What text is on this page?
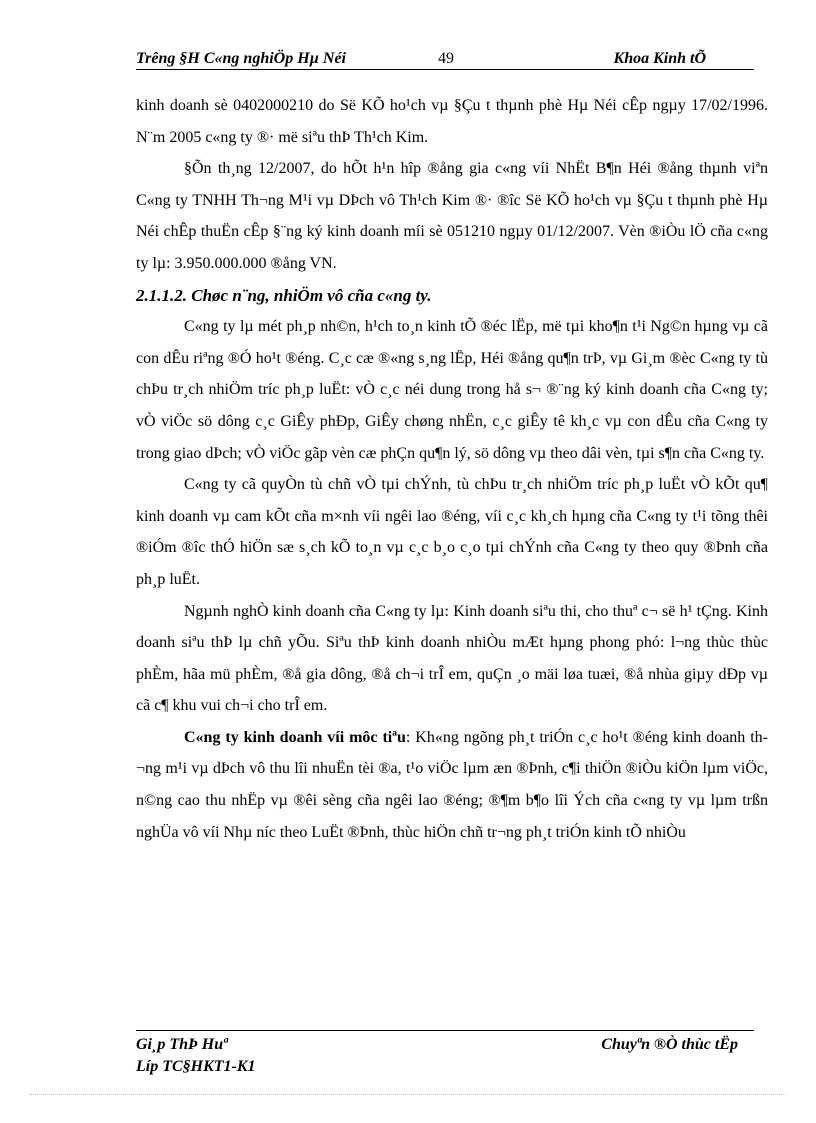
Trêng §H C«ng nghiÖp Hµ Néi	49	Khoa Kinh tÕ

kinh doanh sè 0402000210 do Së KÕ ho¹ch vµ §Çu t thµnh phè Hµ Néi cÊp ngµy 17/02/1996. N¨m 2005 c«ng ty ®· më siªu thÞ Th¹ch Kim.

§Õn th¸ng 12/2007, do hÕt h¹n hîp ®ång gia c«ng víi NhËt B¶n Héi ®ång thµnh viªn C«ng ty TNHH Th¬ng M¹i vµ DÞch vô Th¹ch Kim ®· ®îc Së KÕ ho¹ch vµ §Çu t thµnh phè Hµ Néi chÊp thuËn cÊp §¨ng ký kinh doanh míi sè 051210 ngµy 01/12/2007. Vèn ®iÒu lÖ cña c«ng ty lµ: 3.950.000.000 ®ång VN.

2.1.1.2. Chøc n¨ng, nhiÖm vô cña c«ng ty.

C«ng ty lµ mét ph¸p nh©n, h¹ch to¸n kinh tÕ ®éc lËp, më tµi kho¶n t¹i Ng©n hµng vµ cã con dÊu riªng ®Ó ho¹t ®éng. C¸c cæ ®«ng s¸ng lËp, Héi ®ång qu¶n trÞ, vµ Gi¸m ®èc C«ng ty tù chÞu tr¸ch nhiÖm tríc ph¸p luËt: vÒ c¸c néi dung trong hå s¬ ®¨ng ký kinh doanh cña C«ng ty; vÒ viÖc sö dông c¸c GiÊy phÐp, GiÊy chøng nhËn, c¸c giÊy tê kh¸c vµ con dÊu cña C«ng ty trong giao dÞch; vÒ viÖc gãp vèn cæ phÇn qu¶n lý, sö dông vµ theo dâi vèn, tµi s¶n cña C«ng ty.

C«ng ty cã quyÒn tù chñ vÒ tµi chÝnh, tù chÞu tr¸ch nhiÖm tríc ph¸p luËt vÒ kÕt qu¶ kinh doanh vµ cam kÕt cña m×nh víi ngêi lao ®éng, víi c¸c kh¸ch hµng cña C«ng ty t¹i tõng thêi ®iÓm ®îc thÓ hiÖn sæ s¸ch kÕ to¸n vµ c¸c b¸o c¸o tµi chÝnh cña C«ng ty theo quy ®Þnh cña ph¸p luËt.

Ngµnh nghÒ kinh doanh cña C«ng ty lµ: Kinh doanh siªu thi, cho thuª c¬ së h¹ tÇng. Kinh doanh siªu thÞ lµ chñ yÕu. Siªu thÞ kinh doanh nhiÒu mÆt hµng phong phó: l¬ng thùc thùc phÈm, hãa mü phÈm, ®å gia dông, ®å ch¬i trÎ em, quÇn ¸o mäi løa tuæi, ®å nhùa giµy dÐp vµ cã c¶ khu vui ch¬i cho trÎ em.

C«ng ty kinh doanh víi môc tiªu: Kh«ng ngõng ph¸t triÓn c¸c ho¹t ®éng kinh doanh th¬ng m¹i vµ dÞch vô thu lîi nhuËn tèi ®a, t¹o viÖc lµm æn ®Þnh, c¶i thiÖn ®iÒu kiÖn lµm viÖc, n©ng cao thu nhËp vµ ®êi sèng cña ngêi lao ®éng; ®¶m b¶o lîi Ých cña c«ng ty vµ lµm trßn nghÜa vô víi Nhµ níc theo LuËt ®Þnh, thùc hiÖn chñ tr¬ng ph¸t triÓn kinh tÕ nhiÒu

Gi¸p ThÞ Huª	Chuyªn ®Ò thùc tËp
Líp TC§HKT1-K1
